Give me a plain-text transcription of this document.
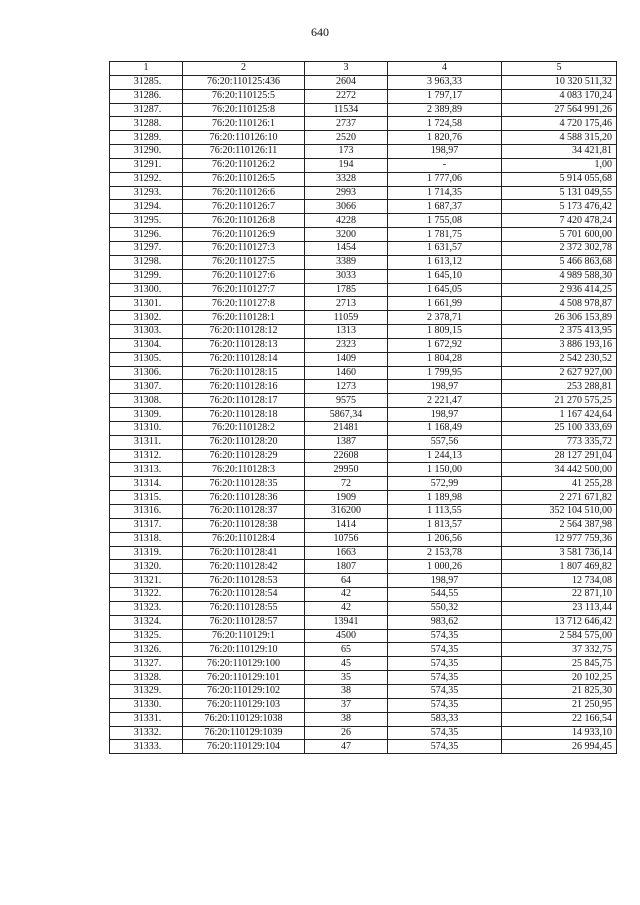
640
1	2	3	4	5
31285.	76:20:110125:436	2604	3 963,33	10 320 511,32
31286.	76:20:110125:5	2272	1 797,17	4 083 170,24
31287.	76:20:110125:8	11534	2 389,89	27 564 991,26
31288.	76:20:110126:1	2737	1 724,58	4 720 175,46
31289.	76:20:110126:10	2520	1 820,76	4 588 315,20
31290.	76:20:110126:11	173	198,97	34 421,81
31291.	76:20:110126:2	194	-	1,00
31292.	76:20:110126:5	3328	1 777,06	5 914 055,68
31293.	76:20:110126:6	2993	1 714,35	5 131 049,55
31294.	76:20:110126:7	3066	1 687,37	5 173 476,42
31295.	76:20:110126:8	4228	1 755,08	7 420 478,24
31296.	76:20:110126:9	3200	1 781,75	5 701 600,00
31297.	76:20:110127:3	1454	1 631,57	2 372 302,78
31298.	76:20:110127:5	3389	1 613,12	5 466 863,68
31299.	76:20:110127:6	3033	1 645,10	4 989 588,30
31300.	76:20:110127:7	1785	1 645,05	2 936 414,25
31301.	76:20:110127:8	2713	1 661,99	4 508 978,87
31302.	76:20:110128:1	11059	2 378,71	26 306 153,89
31303.	76:20:110128:12	1313	1 809,15	2 375 413,95
31304.	76:20:110128:13	2323	1 672,92	3 886 193,16
31305.	76:20:110128:14	1409	1 804,28	2 542 230,52
31306.	76:20:110128:15	1460	1 799,95	2 627 927,00
31307.	76:20:110128:16	1273	198,97	253 288,81
31308.	76:20:110128:17	9575	2 221,47	21 270 575,25
31309.	76:20:110128:18	5867,34	198,97	1 167 424,64
31310.	76:20:110128:2	21481	1 168,49	25 100 333,69
31311.	76:20:110128:20	1387	557,56	773 335,72
31312.	76:20:110128:29	22608	1 244,13	28 127 291,04
31313.	76:20:110128:3	29950	1 150,00	34 442 500,00
31314.	76:20:110128:35	72	572,99	41 255,28
31315.	76:20:110128:36	1909	1 189,98	2 271 671,82
31316.	76:20:110128:37	316200	1 113,55	352 104 510,00
31317.	76:20:110128:38	1414	1 813,57	2 564 387,98
31318.	76:20:110128:4	10756	1 206,56	12 977 759,36
31319.	76:20:110128:41	1663	2 153,78	3 581 736,14
31320.	76:20:110128:42	1807	1 000,26	1 807 469,82
31321.	76:20:110128:53	64	198,97	12 734,08
31322.	76:20:110128:54	42	544,55	22 871,10
31323.	76:20:110128:55	42	550,32	23 113,44
31324.	76:20:110128:57	13941	983,62	13 712 646,42
31325.	76:20:110129:1	4500	574,35	2 584 575,00
31326.	76:20:110129:10	65	574,35	37 332,75
31327.	76:20:110129:100	45	574,35	25 845,75
31328.	76:20:110129:101	35	574,35	20 102,25
31329.	76:20:110129:102	38	574,35	21 825,30
31330.	76:20:110129:103	37	574,35	21 250,95
31331.	76:20:110129:1038	38	583,33	22 166,54
31332.	76:20:110129:1039	26	574,35	14 933,10
31333.	76:20:110129:104	47	574,35	26 994,45
